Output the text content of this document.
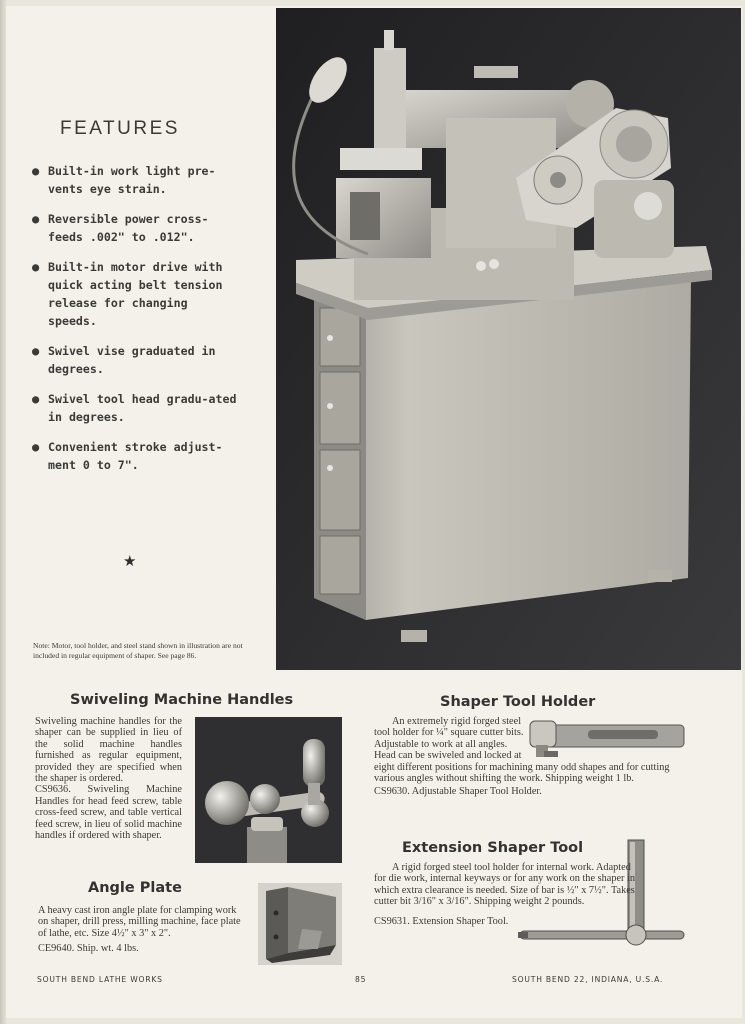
FEATURES
● Built-in work light pre-vents eye strain.
● Reversible power cross-feeds .002" to .012".
● Built-in motor drive with quick acting belt tension release for changing speeds.
● Swivel vise graduated in degrees.
● Swivel tool head gradu-ated in degrees.
● Convenient stroke adjust-ment 0 to 7".
★
Note: Motor, tool holder, and steel stand shown in illustration are not included in regular equipment of shaper. See page 86.
Swiveling Machine Handles

Swiveling machine handles for the shaper can be supplied in lieu of the solid machine handles furnished as regular equipment, provided they are specified when the shaper is ordered.

CS9636. Swiveling Machine Handles for head feed screw, table cross-feed screw, and table vertical feed screw, in lieu of solid machine handles if ordered with shaper.

Angle Plate
A heavy cast iron angle plate for clamping work on shaper, drill press, milling machine, face plate of lathe, etc. Size 4½" x 3" x 2".
CE9640. Ship. wt. 4 lbs.
Shaper Tool Holder
An extremely rigid forged steel tool holder for ¼" square cutter bits. Adjustable to work at all angles. Head can be swiveled and locked at eight different positions for machining many odd shapes and for cutting various angles without shifting the work. Shipping weight 1 lb.
CS9630. Adjustable Shaper Tool Holder.
Extension Shaper Tool
A rigid forged steel tool holder for internal work. Adapted for die work, internal keyways or for any work on the shaper in which extra clearance is needed. Size of bar is ½" x 7½". Takes cutter bit 3/16" x 3/16". Shipping weight 2 pounds.
CS9631. Extension Shaper Tool.
SOUTH BEND LATHE WORKS	85	SOUTH BEND 22, INDIANA, U.S.A.
